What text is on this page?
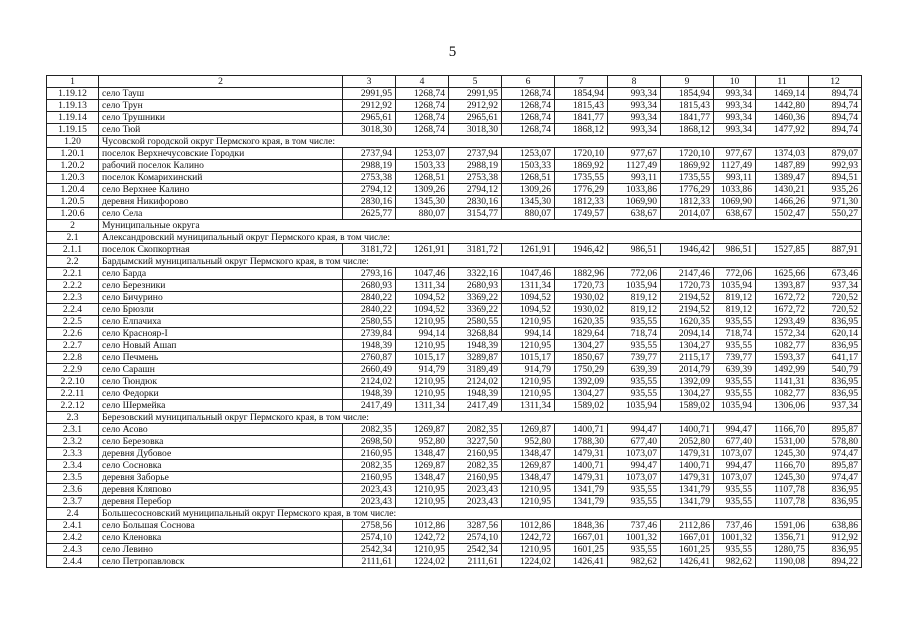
5
1	2	3	4	5	6	7	8	9	10	11	12
1.19.12	село Тауш	2991,95	1268,74	2991,95	1268,74	1854,94	993,34	1854,94	993,34	1469,14	894,74
1.19.13	село Трун	2912,92	1268,74	2912,92	1268,74	1815,43	993,34	1815,43	993,34	1442,80	894,74
1.19.14	село Трушники	2965,61	1268,74	2965,61	1268,74	1841,77	993,34	1841,77	993,34	1460,36	894,74
1.19.15	село Тюй	3018,30	1268,74	3018,30	1268,74	1868,12	993,34	1868,12	993,34	1477,92	894,74
1.20	Чусовской городской округ Пермского края, в том числе:										
1.20.1	поселок Верхнечусовские Городки	2737,94	1253,07	2737,94	1253,07	1720,10	977,67	1720,10	977,67	1374,03	879,07
1.20.2	рабочий поселок Калино	2988,19	1503,33	2988,19	1503,33	1869,92	1127,49	1869,92	1127,49	1487,89	992,93
1.20.3	поселок Комарихинский	2753,38	1268,51	2753,38	1268,51	1735,55	993,11	1735,55	993,11	1389,47	894,51
1.20.4	село Верхнее Калино	2794,12	1309,26	2794,12	1309,26	1776,29	1033,86	1776,29	1033,86	1430,21	935,26
1.20.5	деревня Никифорово	2830,16	1345,30	2830,16	1345,30	1812,33	1069,90	1812,33	1069,90	1466,26	971,30
1.20.6	село Села	2625,77	880,07	3154,77	880,07	1749,57	638,67	2014,07	638,67	1502,47	550,27
2	Муниципальные округа										
2.1	Александровский муниципальный округ Пермского края, в том числе:										
2.1.1	поселок Скопкортная	3181,72	1261,91	3181,72	1261,91	1946,42	986,51	1946,42	986,51	1527,85	887,91
2.2	Бардымский муниципальный округ Пермского края, в том числе:										
2.2.1	село Барда	2793,16	1047,46	3322,16	1047,46	1882,96	772,06	2147,46	772,06	1625,66	673,46
2.2.2	село Березники	2680,93	1311,34	2680,93	1311,34	1720,73	1035,94	1720,73	1035,94	1393,87	937,34
2.2.3	село Бичурино	2840,22	1094,52	3369,22	1094,52	1930,02	819,12	2194,52	819,12	1672,72	720,52
2.2.4	село Брюзли	2840,22	1094,52	3369,22	1094,52	1930,02	819,12	2194,52	819,12	1672,72	720,52
2.2.5	село Елпачиха	2580,55	1210,95	2580,55	1210,95	1620,35	935,55	1620,35	935,55	1293,49	836,95
2.2.6	село Краснояр-I	2739,84	994,14	3268,84	994,14	1829,64	718,74	2094,14	718,74	1572,34	620,14
2.2.7	село Новый Ашап	1948,39	1210,95	1948,39	1210,95	1304,27	935,55	1304,27	935,55	1082,77	836,95
2.2.8	село Печмень	2760,87	1015,17	3289,87	1015,17	1850,67	739,77	2115,17	739,77	1593,37	641,17
2.2.9	село Сарашн	2660,49	914,79	3189,49	914,79	1750,29	639,39	2014,79	639,39	1492,99	540,79
2.2.10	село Тюндюк	2124,02	1210,95	2124,02	1210,95	1392,09	935,55	1392,09	935,55	1141,31	836,95
2.2.11	село Федорки	1948,39	1210,95	1948,39	1210,95	1304,27	935,55	1304,27	935,55	1082,77	836,95
2.2.12	село Шермейка	2417,49	1311,34	2417,49	1311,34	1589,02	1035,94	1589,02	1035,94	1306,06	937,34
2.3	Березовский муниципальный округ Пермского края, в том числе:										
2.3.1	село Асово	2082,35	1269,87	2082,35	1269,87	1400,71	994,47	1400,71	994,47	1166,70	895,87
2.3.2	село Березовка	2698,50	952,80	3227,50	952,80	1788,30	677,40	2052,80	677,40	1531,00	578,80
2.3.3	деревня Дубовое	2160,95	1348,47	2160,95	1348,47	1479,31	1073,07	1479,31	1073,07	1245,30	974,47
2.3.4	село Сосновка	2082,35	1269,87	2082,35	1269,87	1400,71	994,47	1400,71	994,47	1166,70	895,87
2.3.5	деревня Заборье	2160,95	1348,47	2160,95	1348,47	1479,31	1073,07	1479,31	1073,07	1245,30	974,47
2.3.6	деревня Кляпово	2023,43	1210,95	2023,43	1210,95	1341,79	935,55	1341,79	935,55	1107,78	836,95
2.3.7	деревня Перебор	2023,43	1210,95	2023,43	1210,95	1341,79	935,55	1341,79	935,55	1107,78	836,95
2.4	Большесосновский муниципальный округ Пермского края, в том числе:										
2.4.1	село Большая Соснова	2758,56	1012,86	3287,56	1012,86	1848,36	737,46	2112,86	737,46	1591,06	638,86
2.4.2	село Кленовка	2574,10	1242,72	2574,10	1242,72	1667,01	1001,32	1667,01	1001,32	1356,71	912,92
2.4.3	село Левино	2542,34	1210,95	2542,34	1210,95	1601,25	935,55	1601,25	935,55	1280,75	836,95
2.4.4	село Петропавловск	2111,61	1224,02	2111,61	1224,02	1426,41	982,62	1426,41	982,62	1190,08	894,22
